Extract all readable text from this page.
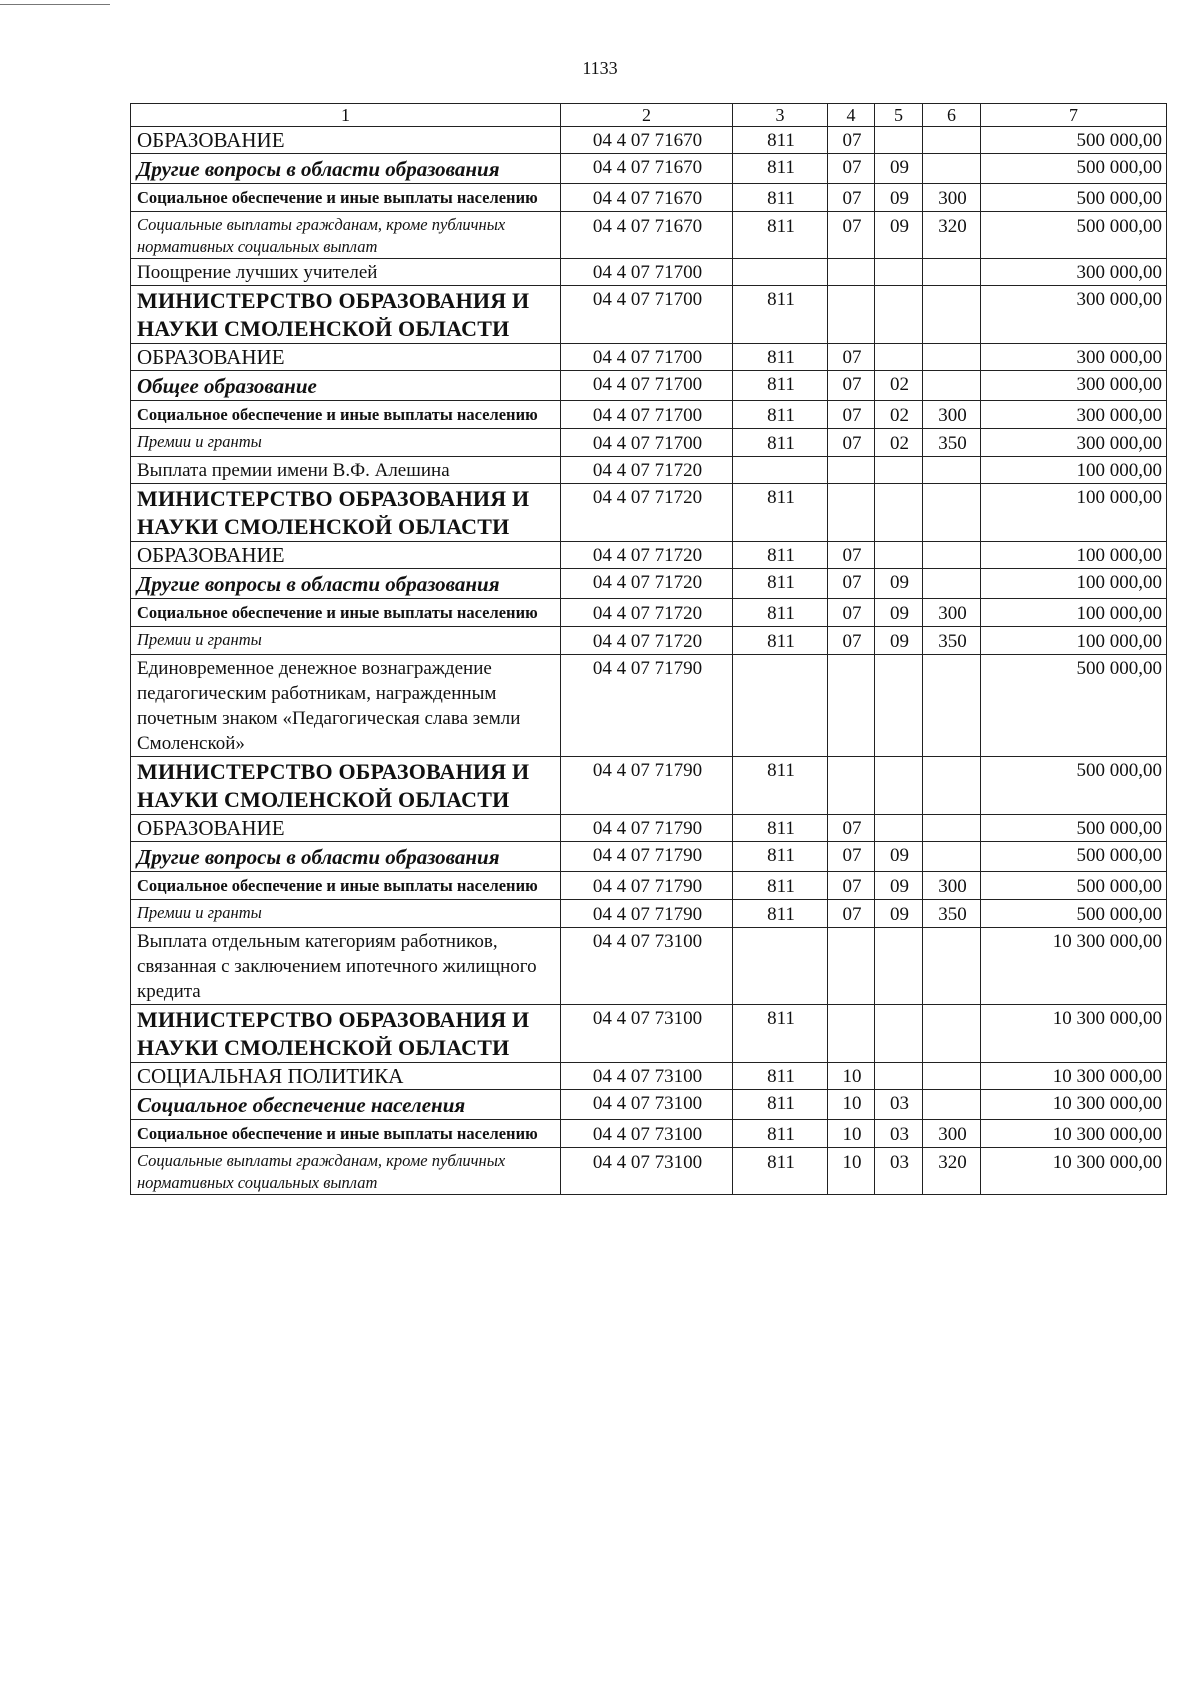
1133
1	2	3	4	5	6	7
ОБРАЗОВАНИЕ	04 4 07 71670	811	07			500 000,00
Другие вопросы в области образования	04 4 07 71670	811	07	09		500 000,00
Социальное обеспечение и иные выплаты населению	04 4 07 71670	811	07	09	300	500 000,00
Социальные выплаты гражданам, кроме публичных нормативных социальных выплат	04 4 07 71670	811	07	09	320	500 000,00
Поощрение лучших учителей	04 4 07 71700					300 000,00
МИНИСТЕРСТВО ОБРАЗОВАНИЯ И НАУКИ СМОЛЕНСКОЙ ОБЛАСТИ	04 4 07 71700	811				300 000,00
ОБРАЗОВАНИЕ	04 4 07 71700	811	07			300 000,00
Общее образование	04 4 07 71700	811	07	02		300 000,00
Социальное обеспечение и иные выплаты населению	04 4 07 71700	811	07	02	300	300 000,00
Премии и гранты	04 4 07 71700	811	07	02	350	300 000,00
Выплата премии имени В.Ф. Алешина	04 4 07 71720					100 000,00
МИНИСТЕРСТВО ОБРАЗОВАНИЯ И НАУКИ СМОЛЕНСКОЙ ОБЛАСТИ	04 4 07 71720	811				100 000,00
ОБРАЗОВАНИЕ	04 4 07 71720	811	07			100 000,00
Другие вопросы в области образования	04 4 07 71720	811	07	09		100 000,00
Социальное обеспечение и иные выплаты населению	04 4 07 71720	811	07	09	300	100 000,00
Премии и гранты	04 4 07 71720	811	07	09	350	100 000,00
Единовременное денежное вознаграждение педагогическим работникам, награжденным почетным знаком «Педагогическая слава земли Смоленской»	04 4 07 71790					500 000,00
МИНИСТЕРСТВО ОБРАЗОВАНИЯ И НАУКИ СМОЛЕНСКОЙ ОБЛАСТИ	04 4 07 71790	811				500 000,00
ОБРАЗОВАНИЕ	04 4 07 71790	811	07			500 000,00
Другие вопросы в области образования	04 4 07 71790	811	07	09		500 000,00
Социальное обеспечение и иные выплаты населению	04 4 07 71790	811	07	09	300	500 000,00
Премии и гранты	04 4 07 71790	811	07	09	350	500 000,00
Выплата отдельным категориям работников, связанная с заключением ипотечного жилищного кредита	04 4 07 73100					10 300 000,00
МИНИСТЕРСТВО ОБРАЗОВАНИЯ И НАУКИ СМОЛЕНСКОЙ ОБЛАСТИ	04 4 07 73100	811				10 300 000,00
СОЦИАЛЬНАЯ ПОЛИТИКА	04 4 07 73100	811	10			10 300 000,00
Социальное обеспечение населения	04 4 07 73100	811	10	03		10 300 000,00
Социальное обеспечение и иные выплаты населению	04 4 07 73100	811	10	03	300	10 300 000,00
Социальные выплаты гражданам, кроме публичных нормативных социальных выплат	04 4 07 73100	811	10	03	320	10 300 000,00
